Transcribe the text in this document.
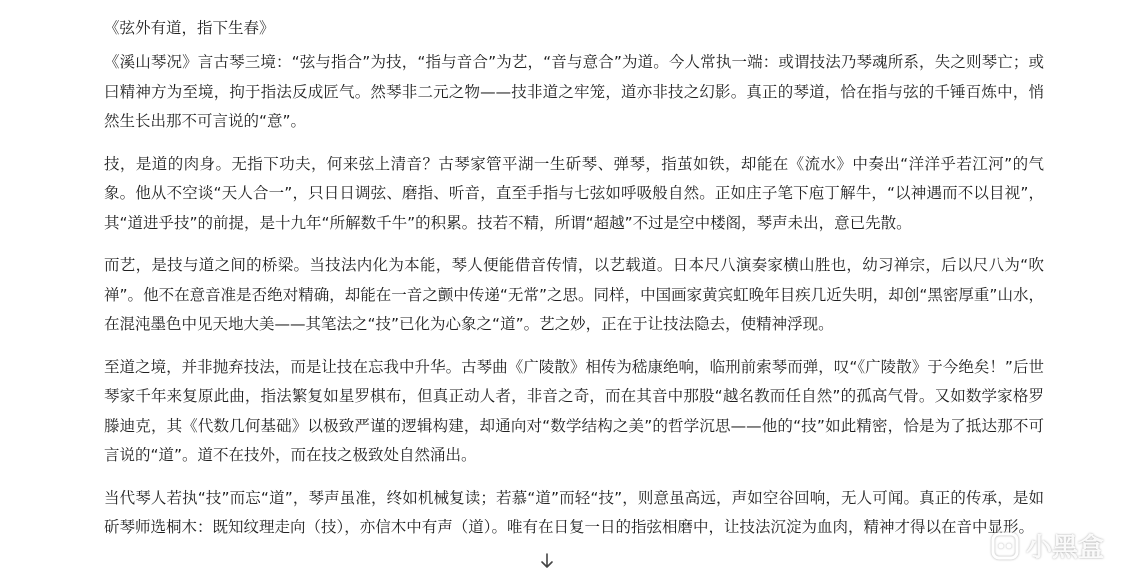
《弦外有道，指下生春》

《溪山琴况》言古琴三境：“弦与指合”为技，“指与音合”为艺，“音与意合”为道。今人常执一端：或谓技法乃琴魂所系，失之则琴亡；或曰精神方为至境，拘于指法反成匠气。然琴非二元之物——技非道之牢笼，道亦非技之幻影。真正的琴道，恰在指与弦的千锤百炼中，悄然生长出那不可言说的“意”。

技，是道的肉身。无指下功夫，何来弦上清音？古琴家管平湖一生斫琴、弹琴，指茧如铁，却能在《流水》中奏出“洋洋乎若江河”的气象。他从不空谈“天人合一”，只日日调弦、磨指、听音，直至手指与七弦如呼吸般自然。正如庄子笔下庖丁解牛，“以神遇而不以目视”，其“道进乎技”的前提，是十九年“所解数千牛”的积累。技若不精，所谓“超越”不过是空中楼阁，琴声未出，意已先散。

而艺，是技与道之间的桥梁。当技法内化为本能，琴人便能借音传情，以艺载道。日本尺八演奏家横山胜也，幼习禅宗，后以尺八为“吹禅”。他不在意音准是否绝对精确，却能在一音之颤中传递“无常”之思。同样，中国画家黄宾虹晚年目疾几近失明，却创“黑密厚重”山水，在混沌墨色中见天地大美——其笔法之“技”已化为心象之“道”。艺之妙，正在于让技法隐去，使精神浮现。

至道之境，并非抛弃技法，而是让技在忘我中升华。古琴曲《广陵散》相传为嵇康绝响，临刑前索琴而弹，叹“《广陵散》于今绝矣！”后世琴家千年来复原此曲，指法繁复如星罗棋布，但真正动人者，非音之奇，而在其音中那股“越名教而任自然”的孤高气骨。又如数学家格罗滕迪克，其《代数几何基础》以极致严谨的逻辑构建，却通向对“数学结构之美”的哲学沉思——他的“技”如此精密，恰是为了抵达那不可言说的“道”。道不在技外，而在技之极致处自然涌出。

当代琴人若执“技”而忘“道”，琴声虽准，终如机械复读；若慕“道”而轻“技”，则意虽高远，声如空谷回响，无人可闻。真正的传承，是如斫琴师选桐木：既知纹理走向（技），亦信木中有声（道）。唯有在日复一日的指弦相磨中，让技法沉淀为血肉，精神才得以在音中显形。

小黑盒
